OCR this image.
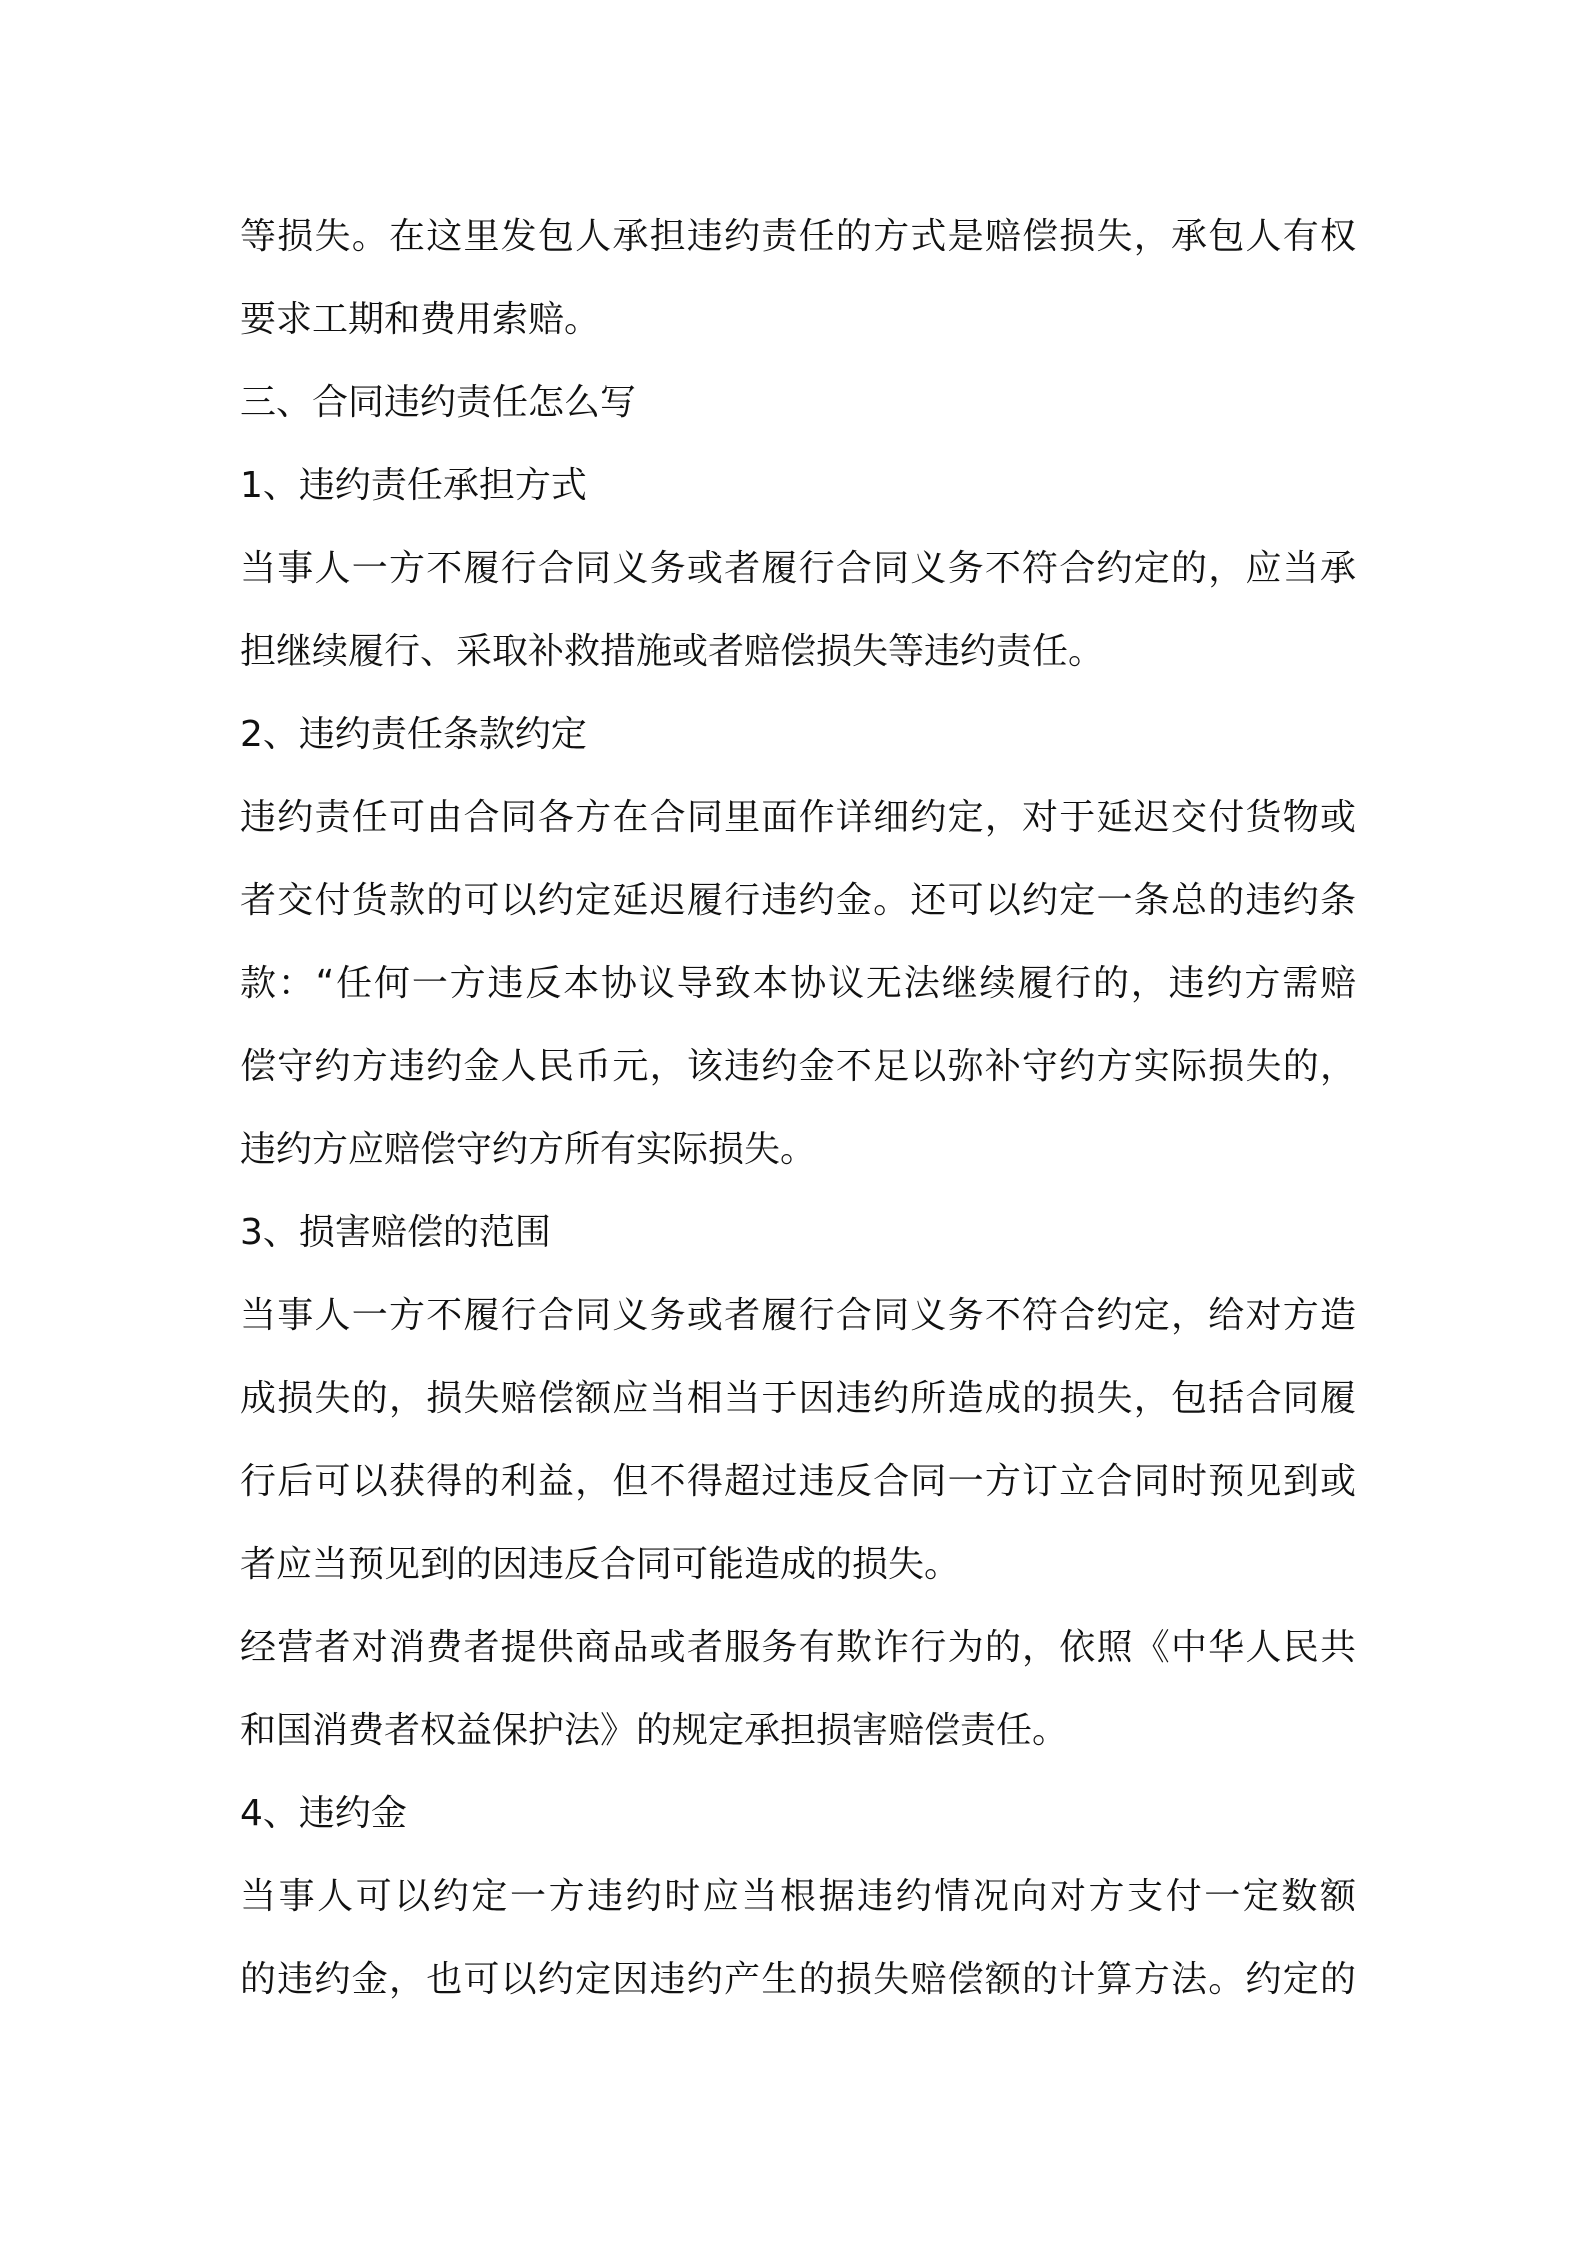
等损失。在这里发包人承担违约责任的方式是赔偿损失，承包人有权
要求工期和费用索赔。
三、合同违约责任怎么写
1、违约责任承担方式
当事人一方不履行合同义务或者履行合同义务不符合约定的，应当承
担继续履行、采取补救措施或者赔偿损失等违约责任。
2、违约责任条款约定
违约责任可由合同各方在合同里面作详细约定，对于延迟交付货物或
者交付货款的可以约定延迟履行违约金。还可以约定一条总的违约条
款：“任何一方违反本协议导致本协议无法继续履行的，违约方需赔
偿守约方违约金人民币元，该违约金不足以弥补守约方实际损失的，
违约方应赔偿守约方所有实际损失。
3、损害赔偿的范围
当事人一方不履行合同义务或者履行合同义务不符合约定，给对方造
成损失的，损失赔偿额应当相当于因违约所造成的损失，包括合同履
行后可以获得的利益，但不得超过违反合同一方订立合同时预见到或
者应当预见到的因违反合同可能造成的损失。
经营者对消费者提供商品或者服务有欺诈行为的，依照《中华人民共
和国消费者权益保护法》的规定承担损害赔偿责任。
4、违约金
当事人可以约定一方违约时应当根据违约情况向对方支付一定数额
的违约金，也可以约定因违约产生的损失赔偿额的计算方法。约定的
